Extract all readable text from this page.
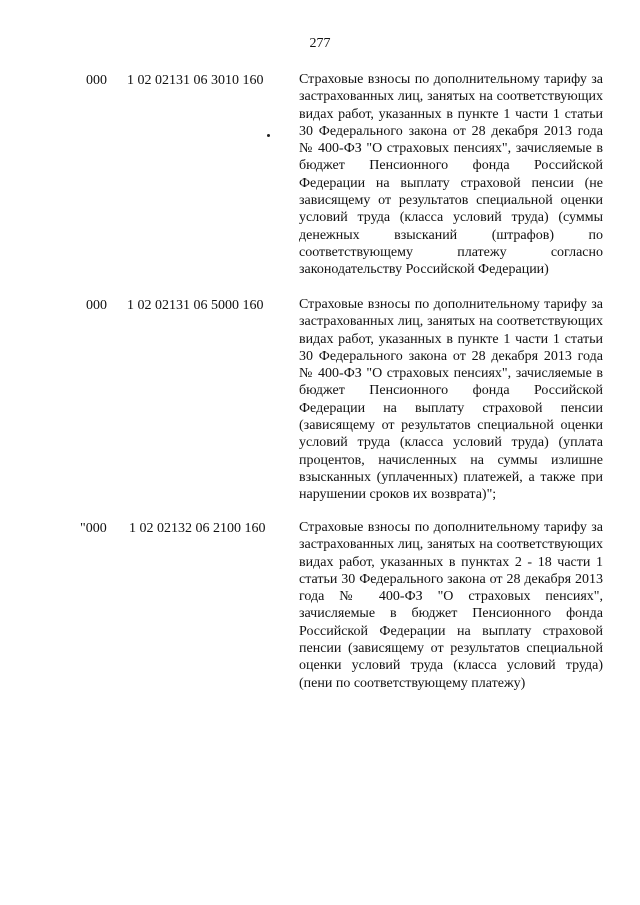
277
000 1 02 02131 06 3010 160	Страховые взносы по дополнительному тарифу за застрахованных лиц, занятых на соответствующих видах работ, указанных в пункте 1 части 1 статьи 30 Федерального закона от 28 декабря 2013 года № 400-ФЗ "О страховых пенсиях", зачисляемые в бюджет Пенсионного фонда Российской Федерации на выплату страховой пенсии (не зависящему от результатов специальной оценки условий труда (класса условий труда) (суммы денежных взысканий (штрафов) по соответствующему платежу согласно законодательству Российской Федерации)
000 1 02 02131 06 5000 160	Страховые взносы по дополнительному тарифу за застрахованных лиц, занятых на соответствующих видах работ, указанных в пункте 1 части 1 статьи 30 Федерального закона от 28 декабря 2013 года № 400-ФЗ "О страховых пенсиях", зачисляемые в бюджет Пенсионного фонда Российской Федерации на выплату страховой пенсии (зависящему от результатов специальной оценки условий труда (класса условий труда) (уплата процентов, начисленных на суммы излишне взысканных (уплаченных) платежей, а также при нарушении сроков их возврата)";
"000 1 02 02132 06 2100 160 Страховые взносы по дополнительному тарифу за застрахованных лиц, занятых на соответствующих видах работ, указанных в пунктах 2 - 18 части 1 статьи 30 Федерального закона от 28 декабря 2013 года № 400-ФЗ "О страховых пенсиях", зачисляемые в бюджет Пенсионного фонда Российской Федерации на выплату страховой пенсии (зависящему от результатов специальной оценки условий труда (класса условий труда) (пени по соответствующему платежу)
